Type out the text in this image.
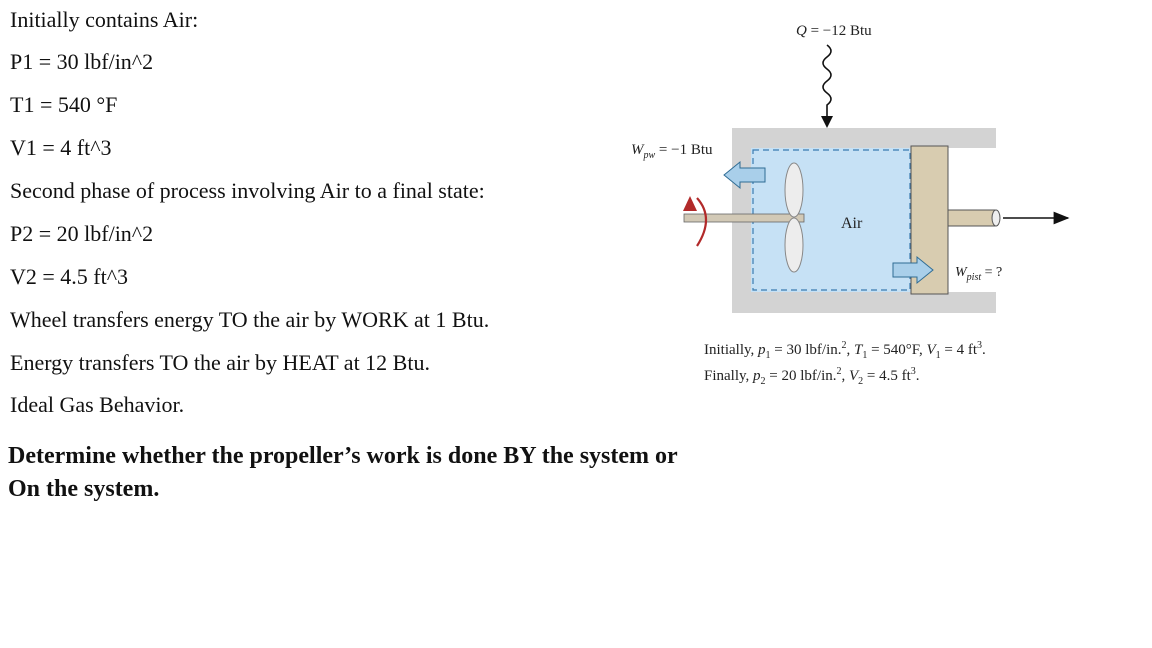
Initially contains Air:

P1 = 30 lbf/in^2

T1 = 540 °F

V1 = 4 ft^3

Second phase of process involving Air to a final state:

P2 = 20 lbf/in^2

V2 = 4.5 ft^3

Wheel transfers energy TO the air by WORK at 1 Btu.

Energy transfers TO the air by HEAT at 12 Btu.

Ideal Gas Behavior.

Determine whether the propeller’s work is done BY the system or
On the system.
Q = −12 Btu
$W_{pw} = -1$ Btu
Air
$W_{pist}$ = ?

Initially, $p_1 = 30$ lbf/in.$^2$, $T_1 = 540^\circ F$, $V_1 = 4$ $ft^3$.

Finally, $p_2 = 20$ lbf/in.$^2$, $V_2 = 4.5$ $ft^3$.
